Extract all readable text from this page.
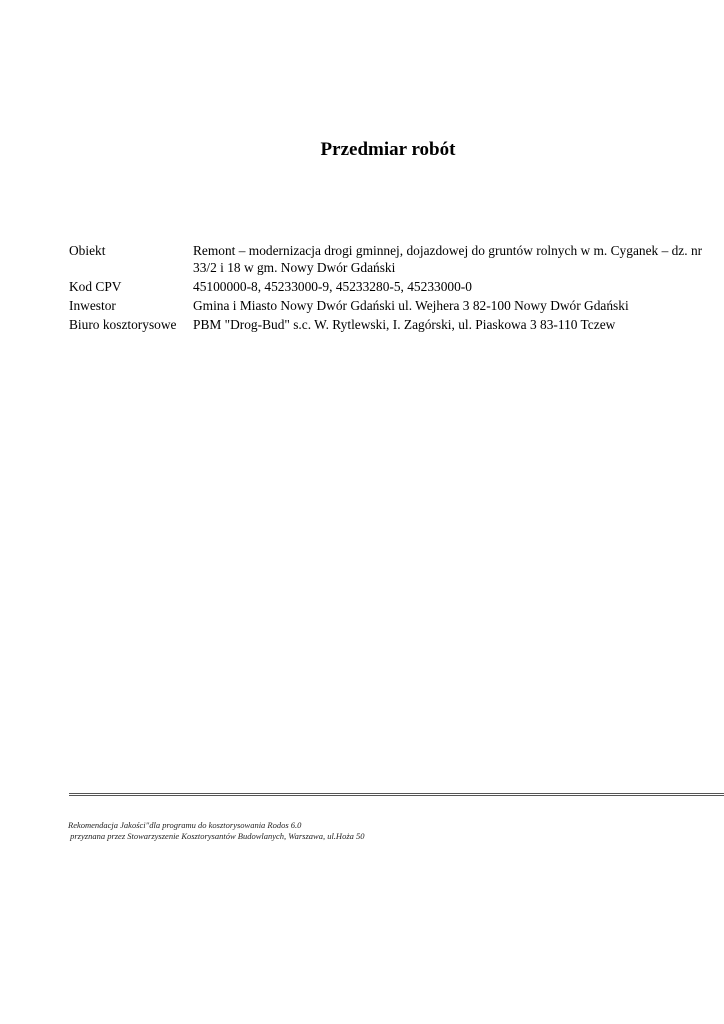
Przedmiar robót
Obiekt	Remont – modernizacja drogi gminnej, dojazdowej do gruntów rolnych w m. Cyganek – dz. nr 33/2 i 18 w gm. Nowy Dwór Gdański
Kod CPV	45100000-8, 45233000-9, 45233280-5, 45233000-0
Inwestor	Gmina i Miasto Nowy Dwór Gdański ul. Wejhera 3 82-100 Nowy Dwór Gdański
Biuro kosztorysowe	PBM "Drog-Bud" s.c. W. Rytlewski, I. Zagórski, ul. Piaskowa 3 83-110 Tczew
Rekomendacja Jakości"dla programu do kosztorysowania Rodos 6.0
przyznana przez Stowarzyszenie Kosztorysantów Budowlanych, Warszawa, ul.Hoża 50
